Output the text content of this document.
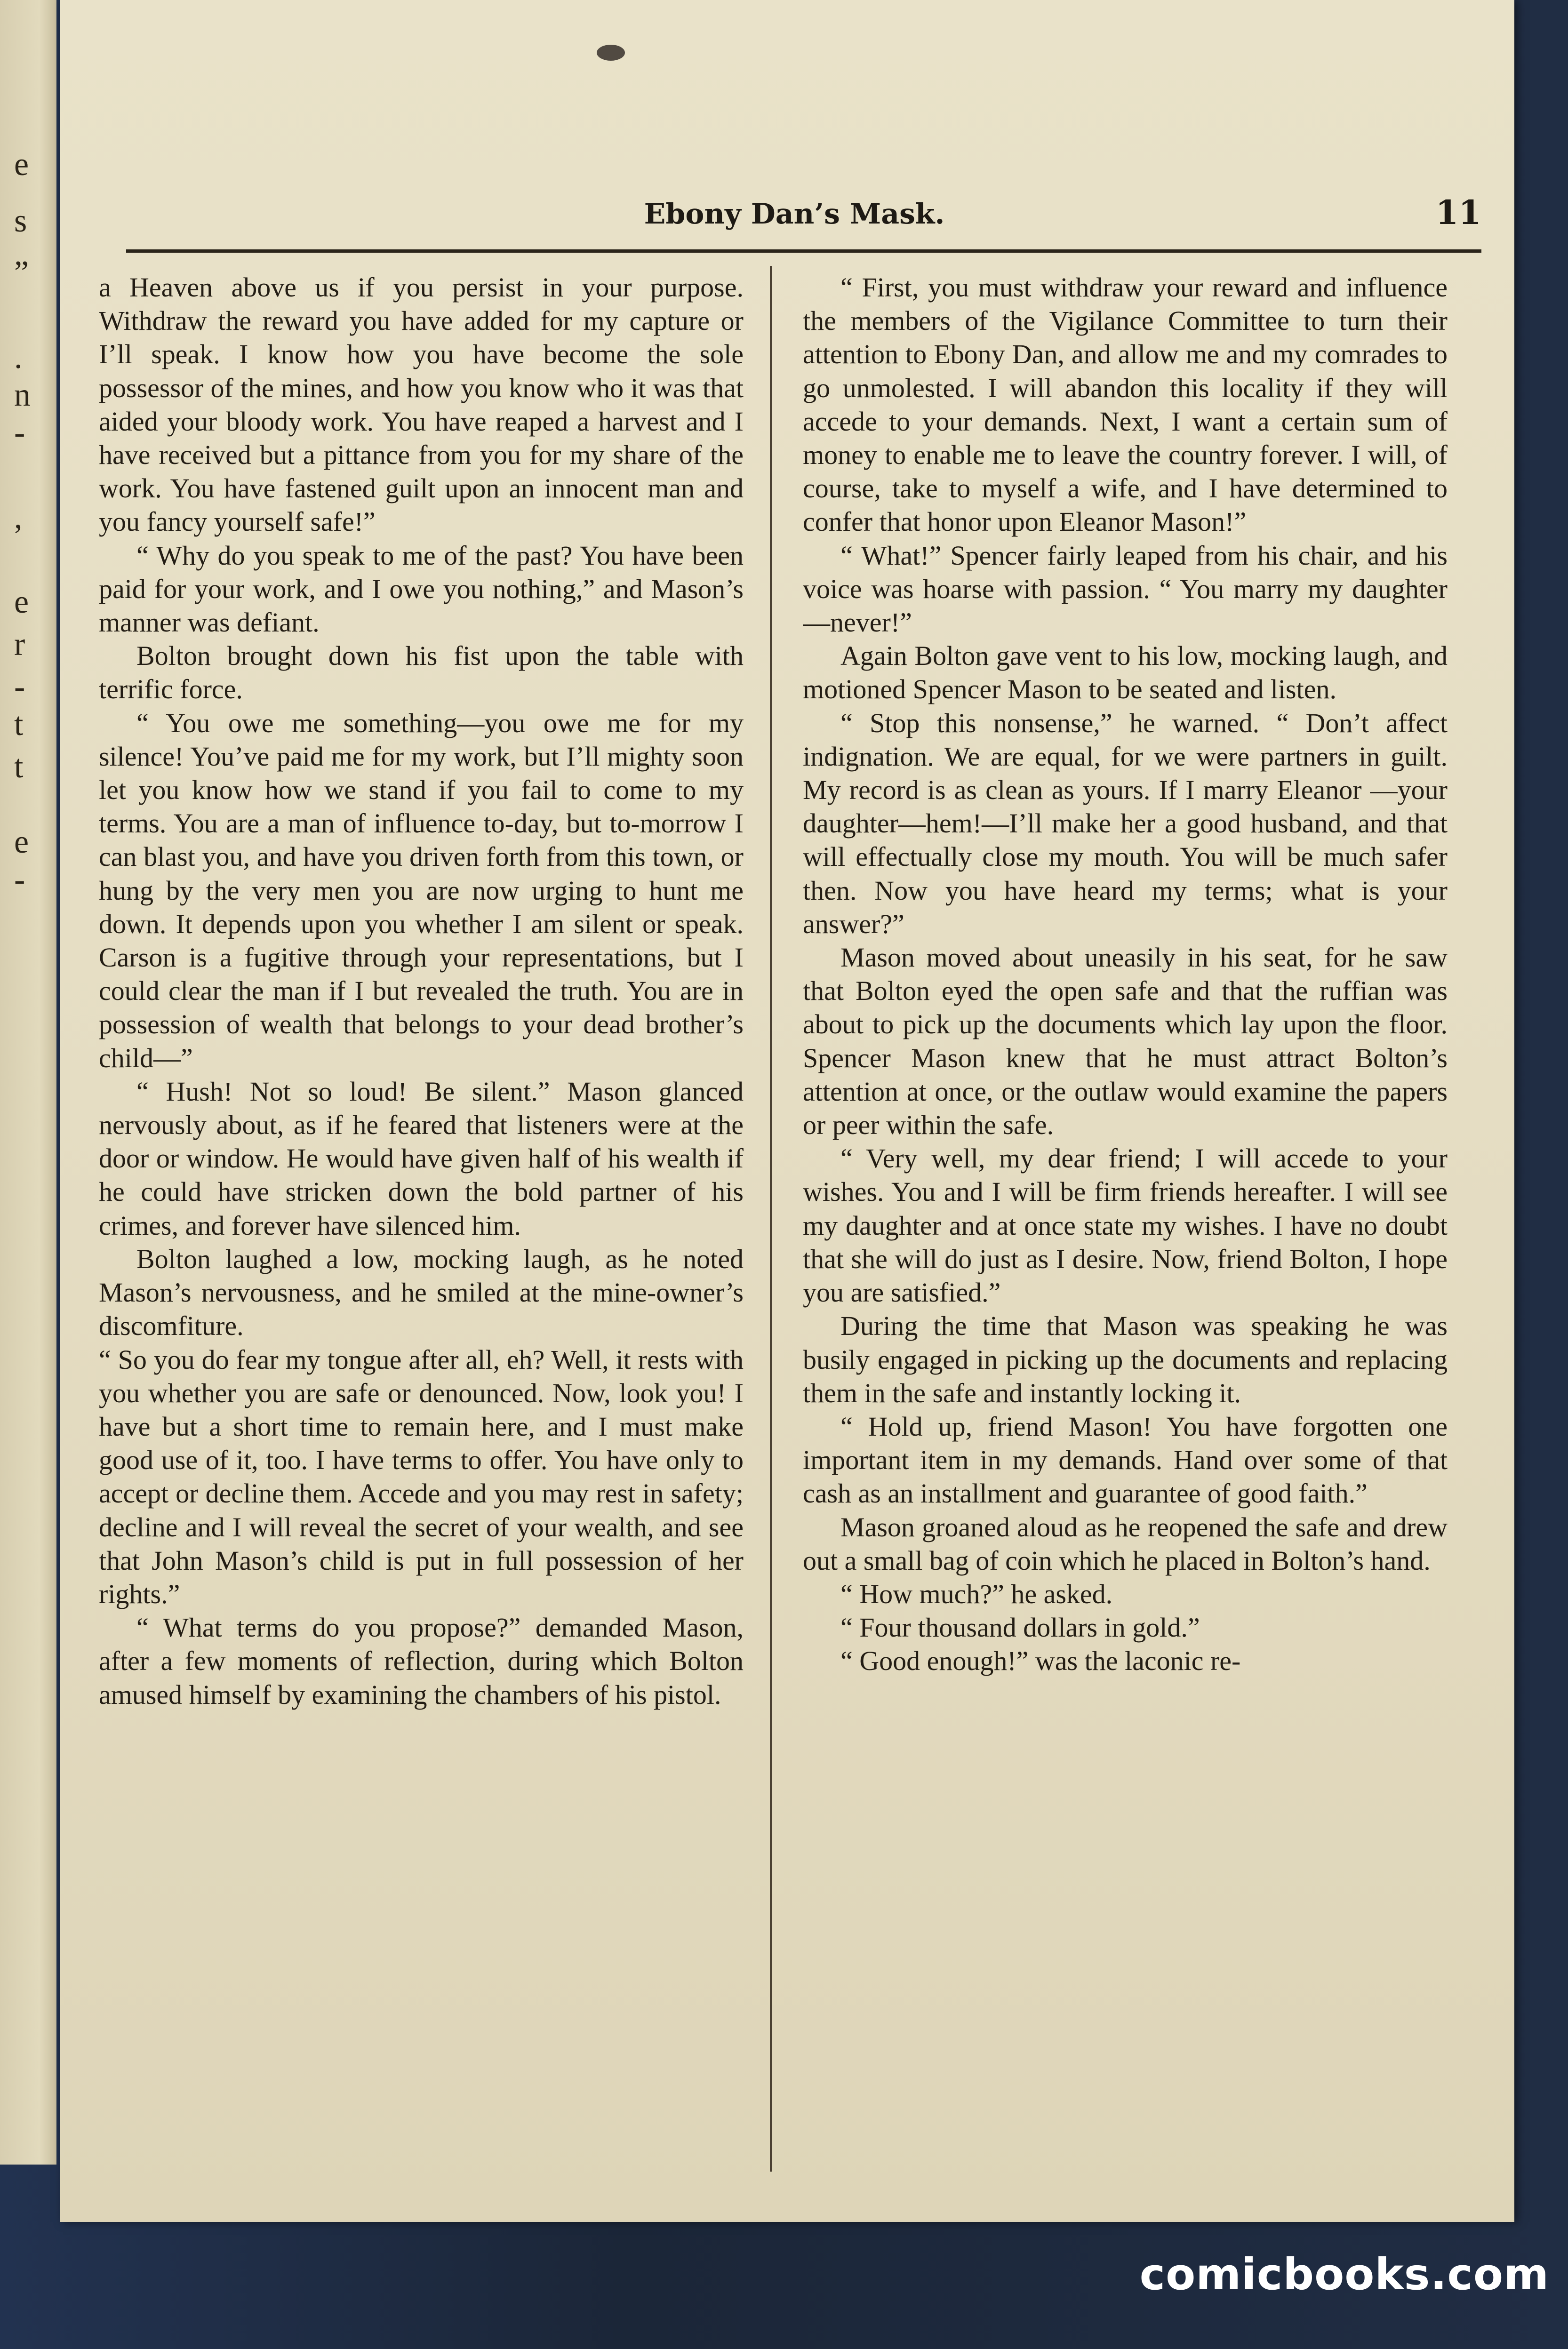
e
s
”
.
n
-
,
e
r
-
t
t
e
-
Ebony Dan’s Mask.	11

a Heaven above us if you persist in your purpose. Withdraw the reward you have added for my capture or I’ll speak. I know how you have become the sole possessor of the mines, and how you know who it was that aided your bloody work. You have reaped a harvest and I have received but a pittance from you for my share of the work. You have fastened guilt upon an innocent man and you fancy yourself safe!”

“ Why do you speak to me of the past? You have been paid for your work, and I owe you nothing,” and Mason’s manner was defiant.

Bolton brought down his fist upon the table with terrific force.

“ You owe me something—you owe me for my silence! You’ve paid me for my work, but I’ll mighty soon let you know how we stand if you fail to come to my terms. You are a man of influence to-day, but to-morrow I can blast you, and have you driven forth from this town, or hung by the very men you are now urging to hunt me down. It depends upon you whether I am silent or speak. Carson is a fugitive through your representations, but I could clear the man if I but revealed the truth. You are in possession of wealth that belongs to your dead brother’s child—”

“ Hush! Not so loud! Be silent.” Mason glanced nervously about, as if he feared that listeners were at the door or window. He would have given half of his wealth if he could have stricken down the bold partner of his crimes, and forever have silenced him.

Bolton laughed a low, mocking laugh, as he noted Mason’s nervousness, and he smiled at the mine-owner’s discomfiture.

“ So you do fear my tongue after all, eh? Well, it rests with you whether you are safe or denounced. Now, look you! I have but a short time to remain here, and I must make good use of it, too. I have terms to offer. You have only to accept or decline them. Accede and you may rest in safety; decline and I will reveal the secret of your wealth, and see that John Mason’s child is put in full possession of her rights.”

“ What terms do you propose?” demanded Mason, after a few moments of reflection, during which Bolton amused himself by examining the chambers of his pistol.

“ First, you must withdraw your reward and influence the members of the Vigilance Committee to turn their attention to Ebony Dan, and allow me and my comrades to go unmolested. I will abandon this locality if they will accede to your demands. Next, I want a certain sum of money to enable me to leave the country forever. I will, of course, take to myself a wife, and I have determined to confer that honor upon Eleanor Mason!”

“ What!” Spencer fairly leaped from his chair, and his voice was hoarse with passion. “ You marry my daughter—never!”

Again Bolton gave vent to his low, mocking laugh, and motioned Spencer Mason to be seated and listen.

“ Stop this nonsense,” he warned. “ Don’t affect indignation. We are equal, for we were partners in guilt. My record is as clean as yours. If I marry Eleanor —your daughter—hem!—I’ll make her a good husband, and that will effectually close my mouth. You will be much safer then. Now you have heard my terms; what is your answer?”

Mason moved about uneasily in his seat, for he saw that Bolton eyed the open safe and that the ruffian was about to pick up the documents which lay upon the floor. Spencer Mason knew that he must attract Bolton’s attention at once, or the outlaw would examine the papers or peer within the safe.

“ Very well, my dear friend; I will accede to your wishes. You and I will be firm friends hereafter. I will see my daughter and at once state my wishes. I have no doubt that she will do just as I desire. Now, friend Bolton, I hope you are satisfied.”

During the time that Mason was speaking he was busily engaged in picking up the documents and replacing them in the safe and instantly locking it.

“ Hold up, friend Mason! You have forgotten one important item in my demands. Hand over some of that cash as an installment and guarantee of good faith.”

Mason groaned aloud as he reopened the safe and drew out a small bag of coin which he placed in Bolton’s hand.

“ How much?” he asked.

“ Four thousand dollars in gold.”

“ Good enough!” was the laconic re-

comicbooks.com
